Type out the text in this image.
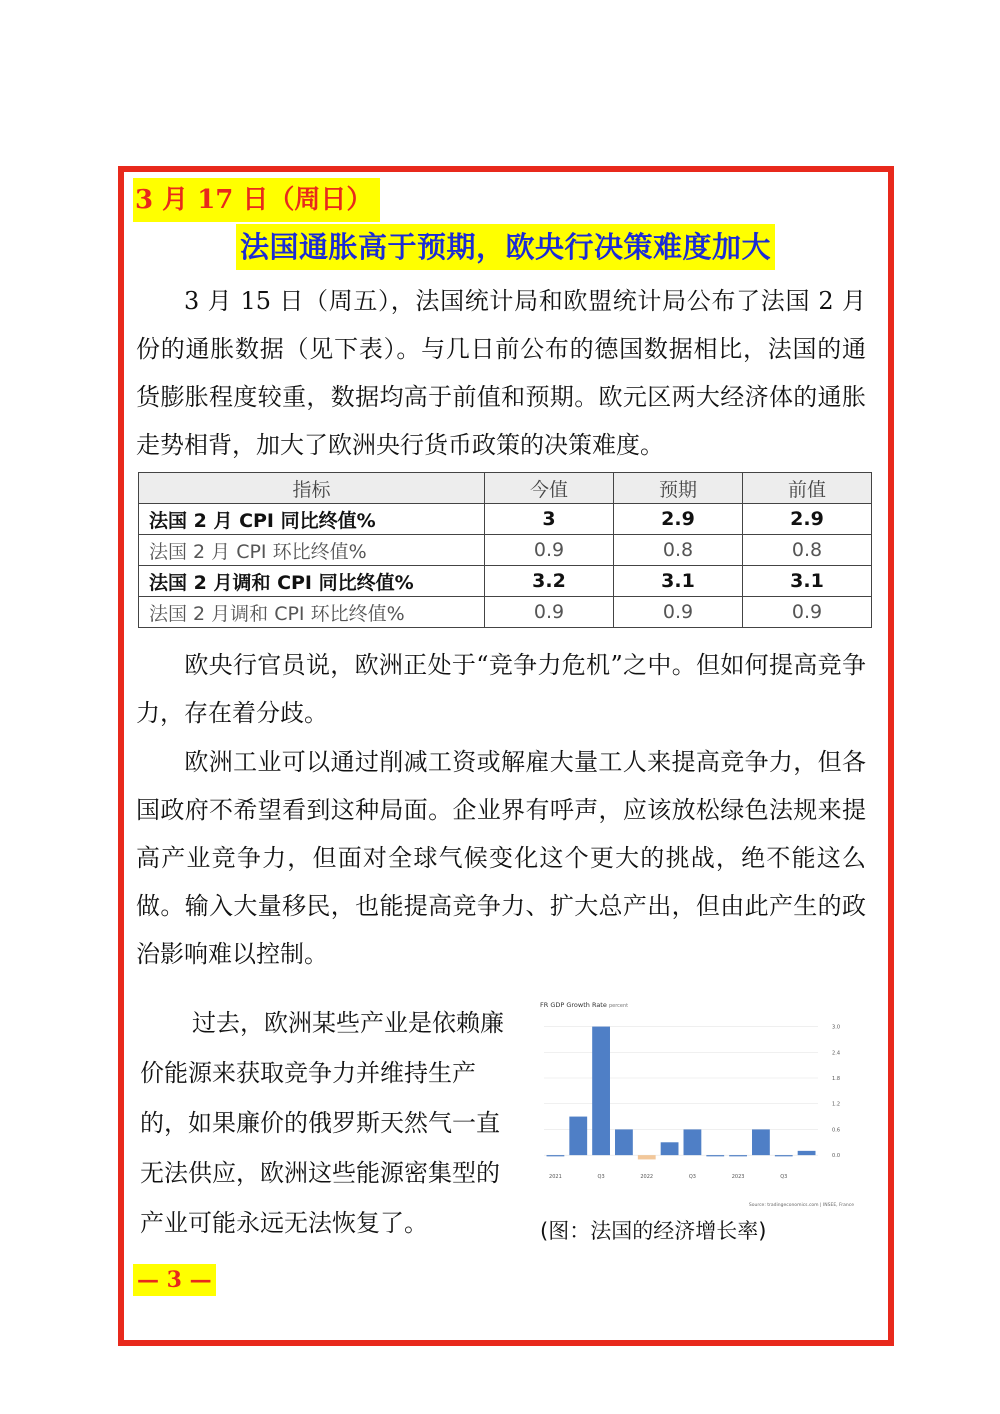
3 月 17 日（周日）
法国通胀高于预期，欧央行决策难度加大

3 月 15 日（周五），法国统计局和欧盟统计局公布了法国 2 月份的通胀数据（见下表）。与几日前公布的德国数据相比，法国的通货膨胀程度较重，数据均高于前值和预期。欧元区两大经济体的通胀走势相背，加大了欧洲央行货币政策的决策难度。

指标	今值	预期	前值
法国 2 月 CPI 同比终值%	3	2.9	2.9
法国 2 月 CPI 环比终值%	0.9	0.8	0.8
法国 2 月调和 CPI 同比终值%	3.2	3.1	3.1
法国 2 月调和 CPI 环比终值%	0.9	0.9	0.9

欧央行官员说，欧洲正处于“竞争力危机”之中。但如何提高竞争力，存在着分歧。

欧洲工业可以通过削减工资或解雇大量工人来提高竞争力，但各国政府不希望看到这种局面。企业界有呼声，应该放松绿色法规来提高产业竞争力，但面对全球气候变化这个更大的挑战，绝不能这么做。输入大量移民，也能提高竞争力、扩大总产出，但由此产生的政治影响难以控制。

过去，欧洲某些产业是依赖廉价能源来获取竞争力并维持生产的，如果廉价的俄罗斯天然气一直无法供应，欧洲这些能源密集型的产业可能永远无法恢复了。

FR GDP Growth Rate percent
3.0
2.4
1.8
1.2
0.6
0.0
2021	Q3	2022	Q3	2023	Q3
Source: tradingeconomics.com | INSEE, France
(图：法国的经济增长率)
— 3 —
